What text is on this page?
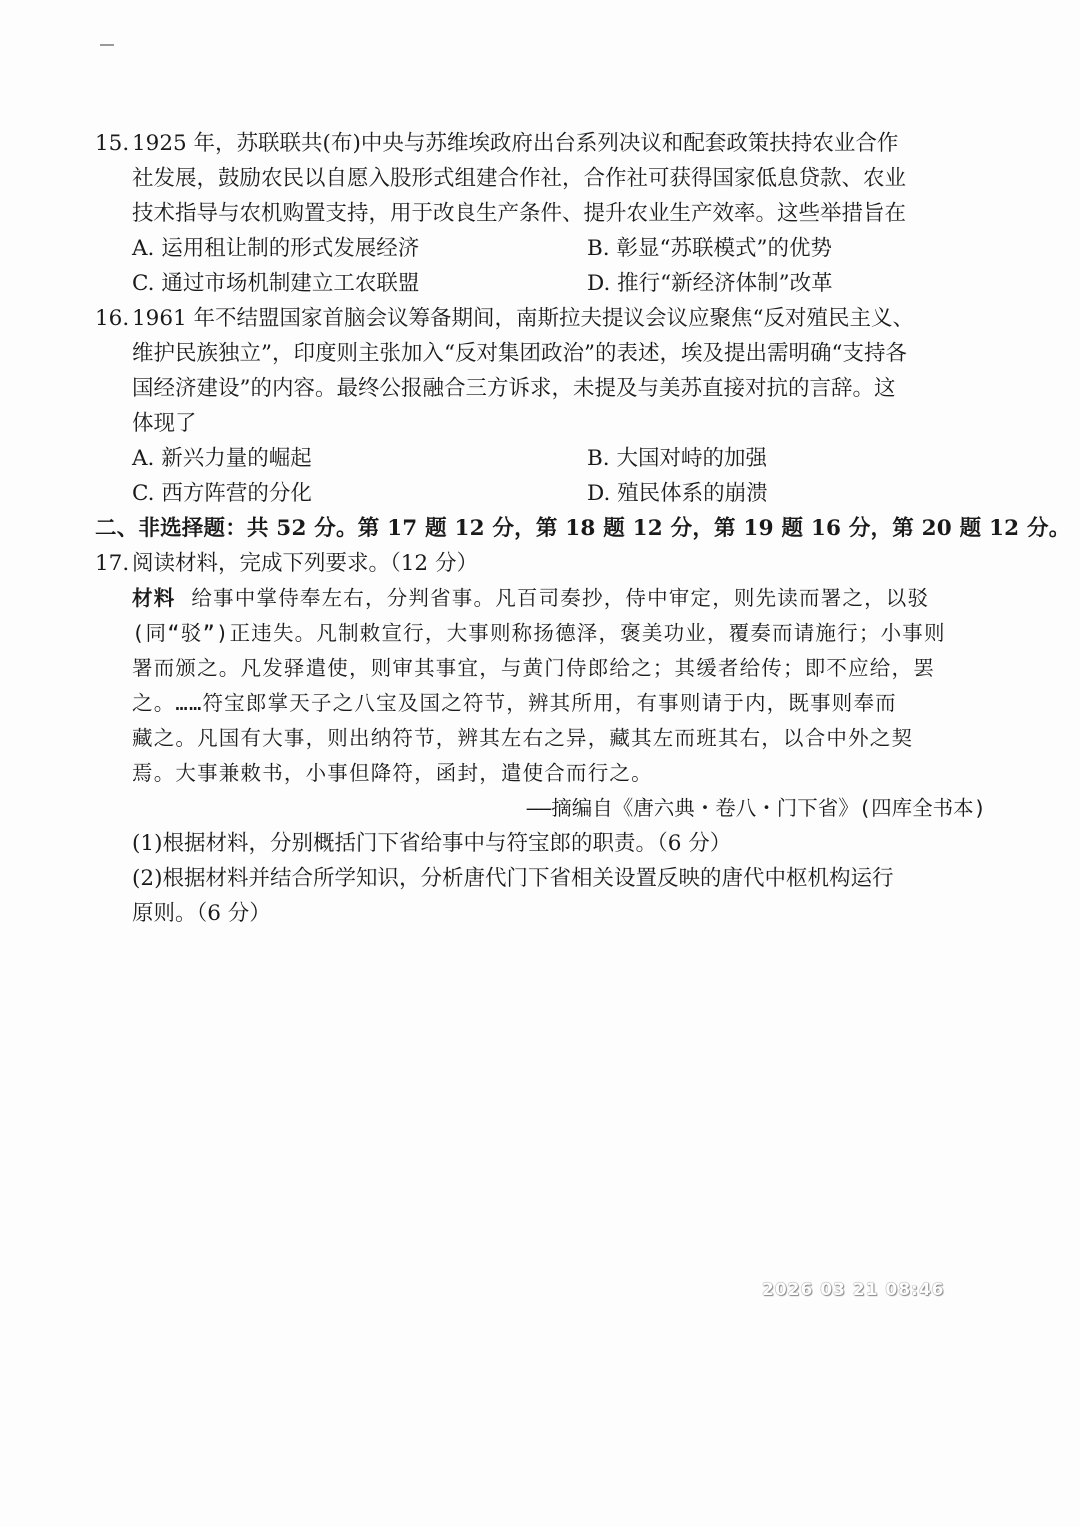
15. 1925 年，苏联联共(布)中央与苏维埃政府出台系列决议和配套政策扶持农业合作
社发展，鼓励农民以自愿入股形式组建合作社，合作社可获得国家低息贷款、农业
技术指导与农机购置支持，用于改良生产条件、提升农业生产效率。这些举措旨在
A. 运用租让制的形式发展经济	B. 彰显“苏联模式”的优势
C. 通过市场机制建立工农联盟	D. 推行“新经济体制”改革
16. 1961 年不结盟国家首脑会议筹备期间，南斯拉夫提议会议应聚焦“反对殖民主义、
维护民族独立”，印度则主张加入“反对集团政治”的表述，埃及提出需明确“支持各
国经济建设”的内容。最终公报融合三方诉求，未提及与美苏直接对抗的言辞。这
体现了
A. 新兴力量的崛起	B. 大国对峙的加强
C. 西方阵营的分化	D. 殖民体系的崩溃
二、非选择题：共 52 分。第 17 题 12 分，第 18 题 12 分，第 19 题 16 分，第 20 题 12 分。
17. 阅读材料，完成下列要求。（12 分）
材料 给事中掌侍奉左右，分判省事。凡百司奏抄，侍中审定，则先读而署之，以驳
(同“驳”)正违失。凡制敕宣行，大事则称扬德泽，褒美功业，覆奏而请施行；小事则
署而颁之。凡发驿遣使，则审其事宜，与黄门侍郎给之；其缓者给传；即不应给，罢
之。……符宝郎掌天子之八宝及国之符节，辨其所用，有事则请于内，既事则奉而
藏之。凡国有大事，则出纳符节，辨其左右之异，藏其左而班其右，以合中外之契
焉。大事兼敕书，小事但降符，函封，遣使合而行之。
——摘编自《唐六典・卷八・门下省》(四库全书本)
(1)根据材料，分别概括门下省给事中与符宝郎的职责。（6 分）
(2)根据材料并结合所学知识，分析唐代门下省相关设置反映的唐代中枢机构运行
原则。（6 分）
2026 03 21 08:46
